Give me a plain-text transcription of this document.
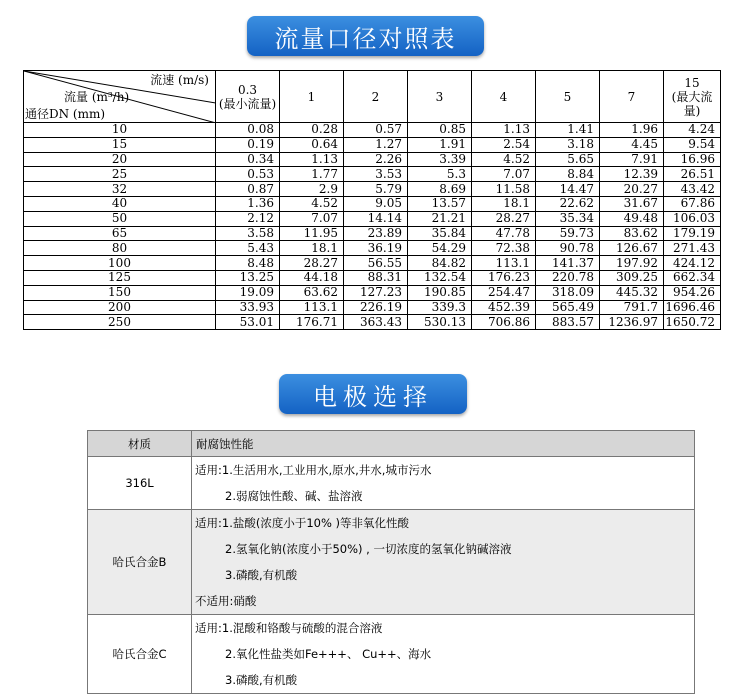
流量口径对照表
流速 (m/s)
流量 (m³/h)
通径DN (mm)	0.3
(最小流量)	1	2	3	4	5	7	15
(最大流量)
10	0.08	0.28	0.57	0.85	1.13	1.41	1.96	4.24
15	0.19	0.64	1.27	1.91	2.54	3.18	4.45	9.54
20	0.34	1.13	2.26	3.39	4.52	5.65	7.91	16.96
25	0.53	1.77	3.53	5.3	7.07	8.84	12.39	26.51
32	0.87	2.9	5.79	8.69	11.58	14.47	20.27	43.42
40	1.36	4.52	9.05	13.57	18.1	22.62	31.67	67.86
50	2.12	7.07	14.14	21.21	28.27	35.34	49.48	106.03
65	3.58	11.95	23.89	35.84	47.78	59.73	83.62	179.19
80	5.43	18.1	36.19	54.29	72.38	90.78	126.67	271.43
100	8.48	28.27	56.55	84.82	113.1	141.37	197.92	424.12
125	13.25	44.18	88.31	132.54	176.23	220.78	309.25	662.34
150	19.09	63.62	127.23	190.85	254.47	318.09	445.32	954.26
200	33.93	113.1	226.19	339.3	452.39	565.49	791.7	1696.46
250	53.01	176.71	363.43	530.13	706.86	883.57	1236.97	1650.72
电极选择
材质	耐腐蚀性能
316L	适用:1.生活用水,工业用水,原水,井水,城市污水
2.弱腐蚀性酸、碱、盐溶液

哈氏合金B	适用:1.盐酸(浓度小于10% )等非氧化性酸
2.氢氧化钠(浓度小于50%) , 一切浓度的氢氧化钠碱溶液
3.磷酸,有机酸
不适用:硝酸

哈氏合金C	适用:1.混酸和铬酸与硫酸的混合溶液
2.氧化性盐类如Fe+++、 Cu++、海水
3.磷酸,有机酸
